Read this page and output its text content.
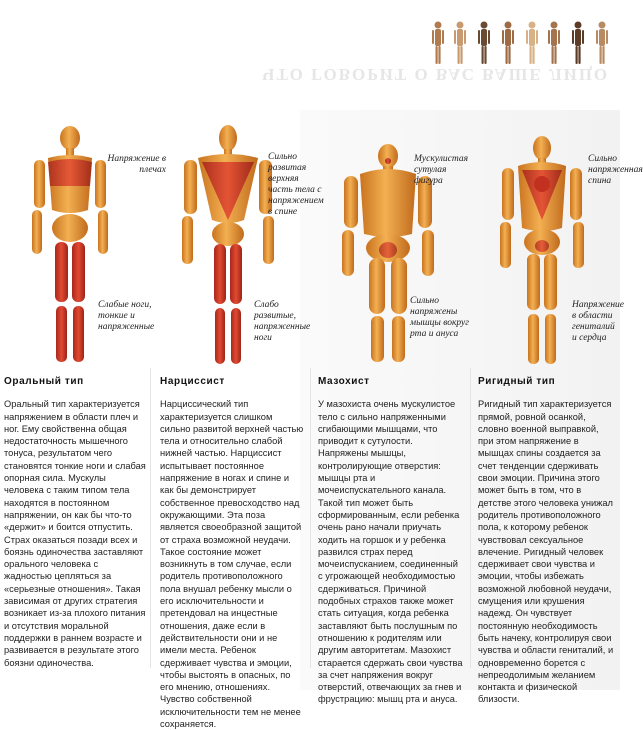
ЧТО ГОВОРИТ О ВАС ВАШЕ ЛИЦО
Напряжение в плечах
Слабые ноги, тонкие и напряженные
Сильно развитая верхняя часть тела с напряжением в спине
Слабо развитые, напряженные ноги
Мускулистая сутулая фигура
Сильно напряжены мышцы вокруг рта и ануса
Сильно напряженная спина
Напряжение в области гениталий и сердца
Оральный тип

Оральный тип характеризуется напряжением в области плеч и ног. Ему свойственна общая недостаточность мышечного тонуса, результатом чего становятся тонкие ноги и слабая опорная сила. Мускулы человека с таким типом тела находятся в постоянном напряжении, он как бы что-то «держит» и боится отпустить. Страх оказаться позади всех и боязнь одиночества заставляют орального человека с жадностью цепляться за «серьезные отношения». Такая зависимая от других стратегия возникает из-за плохого питания и отсутствия моральной поддержки в раннем возрасте и развивается в результате этого боязни одиночества.

Нарциссист

Нарциссический тип характеризуется слишком сильно развитой верхней частью тела и относительно слабой нижней частью. Нарциссист испытывает постоянное напряжение в ногах и спине и как бы демонстрирует собственное превосходство над окружающими. Эта поза является своеобразной защитой от страха возможной неудачи. Такое состояние может возникнуть в том случае, если родитель противоположного пола внушал ребенку мысли о его исключительности и претендовал на инцестные отношения, даже если в действительности они и не имели места. Ребенок сдерживает чувства и эмоции, чтобы выстоять в опасных, по его мнению, отношениях. Чувство собственной исключительности тем не менее сохраняется.

Мазохист

У мазохиста очень мускулистое тело с сильно напряженными сгибающими мышцами, что приводит к сутулости. Напряжены мышцы, контролирующие отверстия: мышцы рта и мочеиспускательного канала. Такой тип может быть сформированным, если ребенка очень рано начали приучать ходить на горшок и у ребенка развился страх перед мочеиспусканием, соединенный с угрожающей необходимостью сдерживаться. Причиной подобных страхов также может стать ситуация, когда ребенка заставляют быть послушным по отношению к родителям или другим авторитетам. Мазохист старается сдержать свои чувства за счет напряжения вокруг отверстий, отвечающих за гнев и фрустрацию: мышц рта и ануса.

Ригидный тип

Ригидный тип характеризуется прямой, ровной осанкой, словно военной выправкой, при этом напряжение в мышцах спины создается за счет тенденции сдерживать свои эмоции. Причина этого может быть в том, что в детстве этого человека унижал родитель противоположного пола, к которому ребенок чувствовал сексуальное влечение. Ригидный человек сдерживает свои чувства и эмоции, чтобы избежать возможной любовной неудачи, смущения или крушения надежд. Он чувствует постоянную необходимость быть начеку, контролируя свои чувства и области гениталий, и одновременно борется с непреодолимым желанием контакта и физической близости.
